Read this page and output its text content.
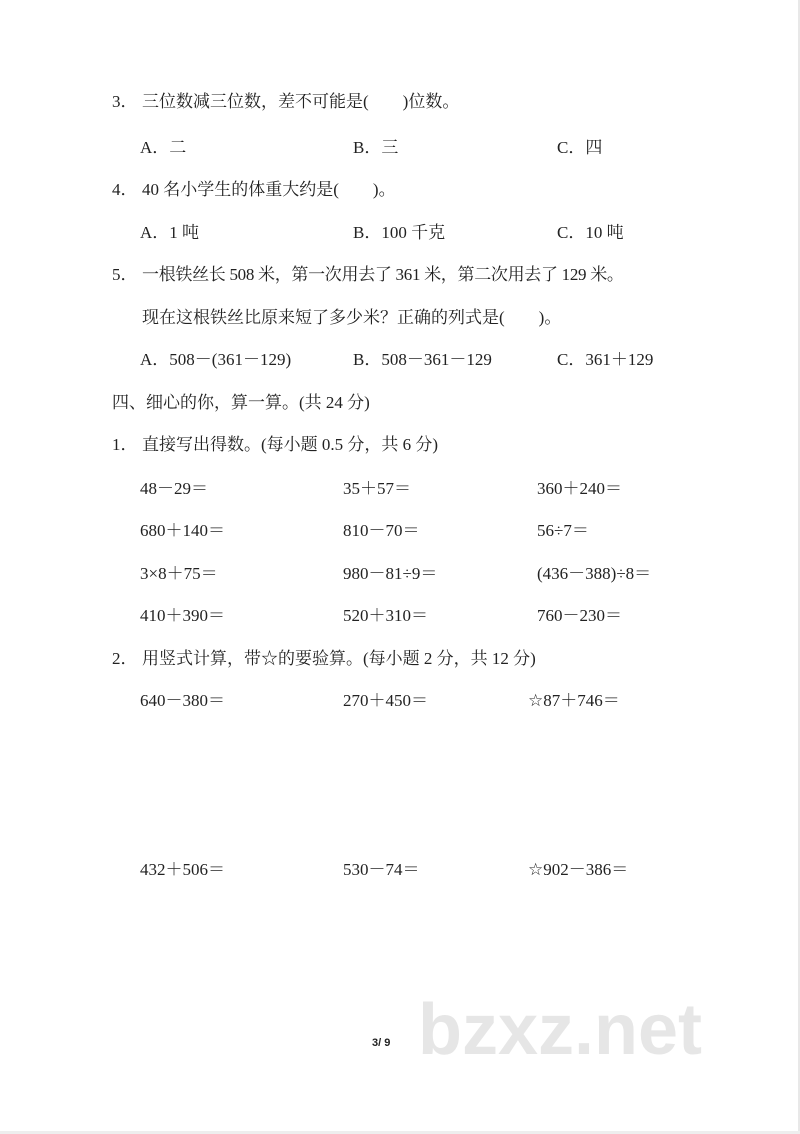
3． 三位数减三位数，差不可能是(　　)位数。
A．二	B．三	C．四
4． 40 名小学生的体重大约是(　　)。
A．1 吨	B．100 千克	C．10 吨
5． 一根铁丝长 508 米，第一次用去了 361 米，第二次用去了 129 米。
现在这根铁丝比原来短了多少米？正确的列式是(　　)。
A．508－(361－129)	B．508－361－129	C．361＋129
四、细心的你，算一算。(共 24 分)
1． 直接写出得数。(每小题 0.5 分，共 6 分)
48－29＝	35＋57＝	360＋240＝
680＋140＝	810－70＝	56÷7＝
3×8＋75＝	980－81÷9＝	(436－388)÷8＝
410＋390＝	520＋310＝	760－230＝
2． 用竖式计算，带☆的要验算。(每小题 2 分，共 12 分)
640－380＝	270＋450＝	☆87＋746＝
432＋506＝	530－74＝	☆902－386＝
bzxz.net
3/ 9
